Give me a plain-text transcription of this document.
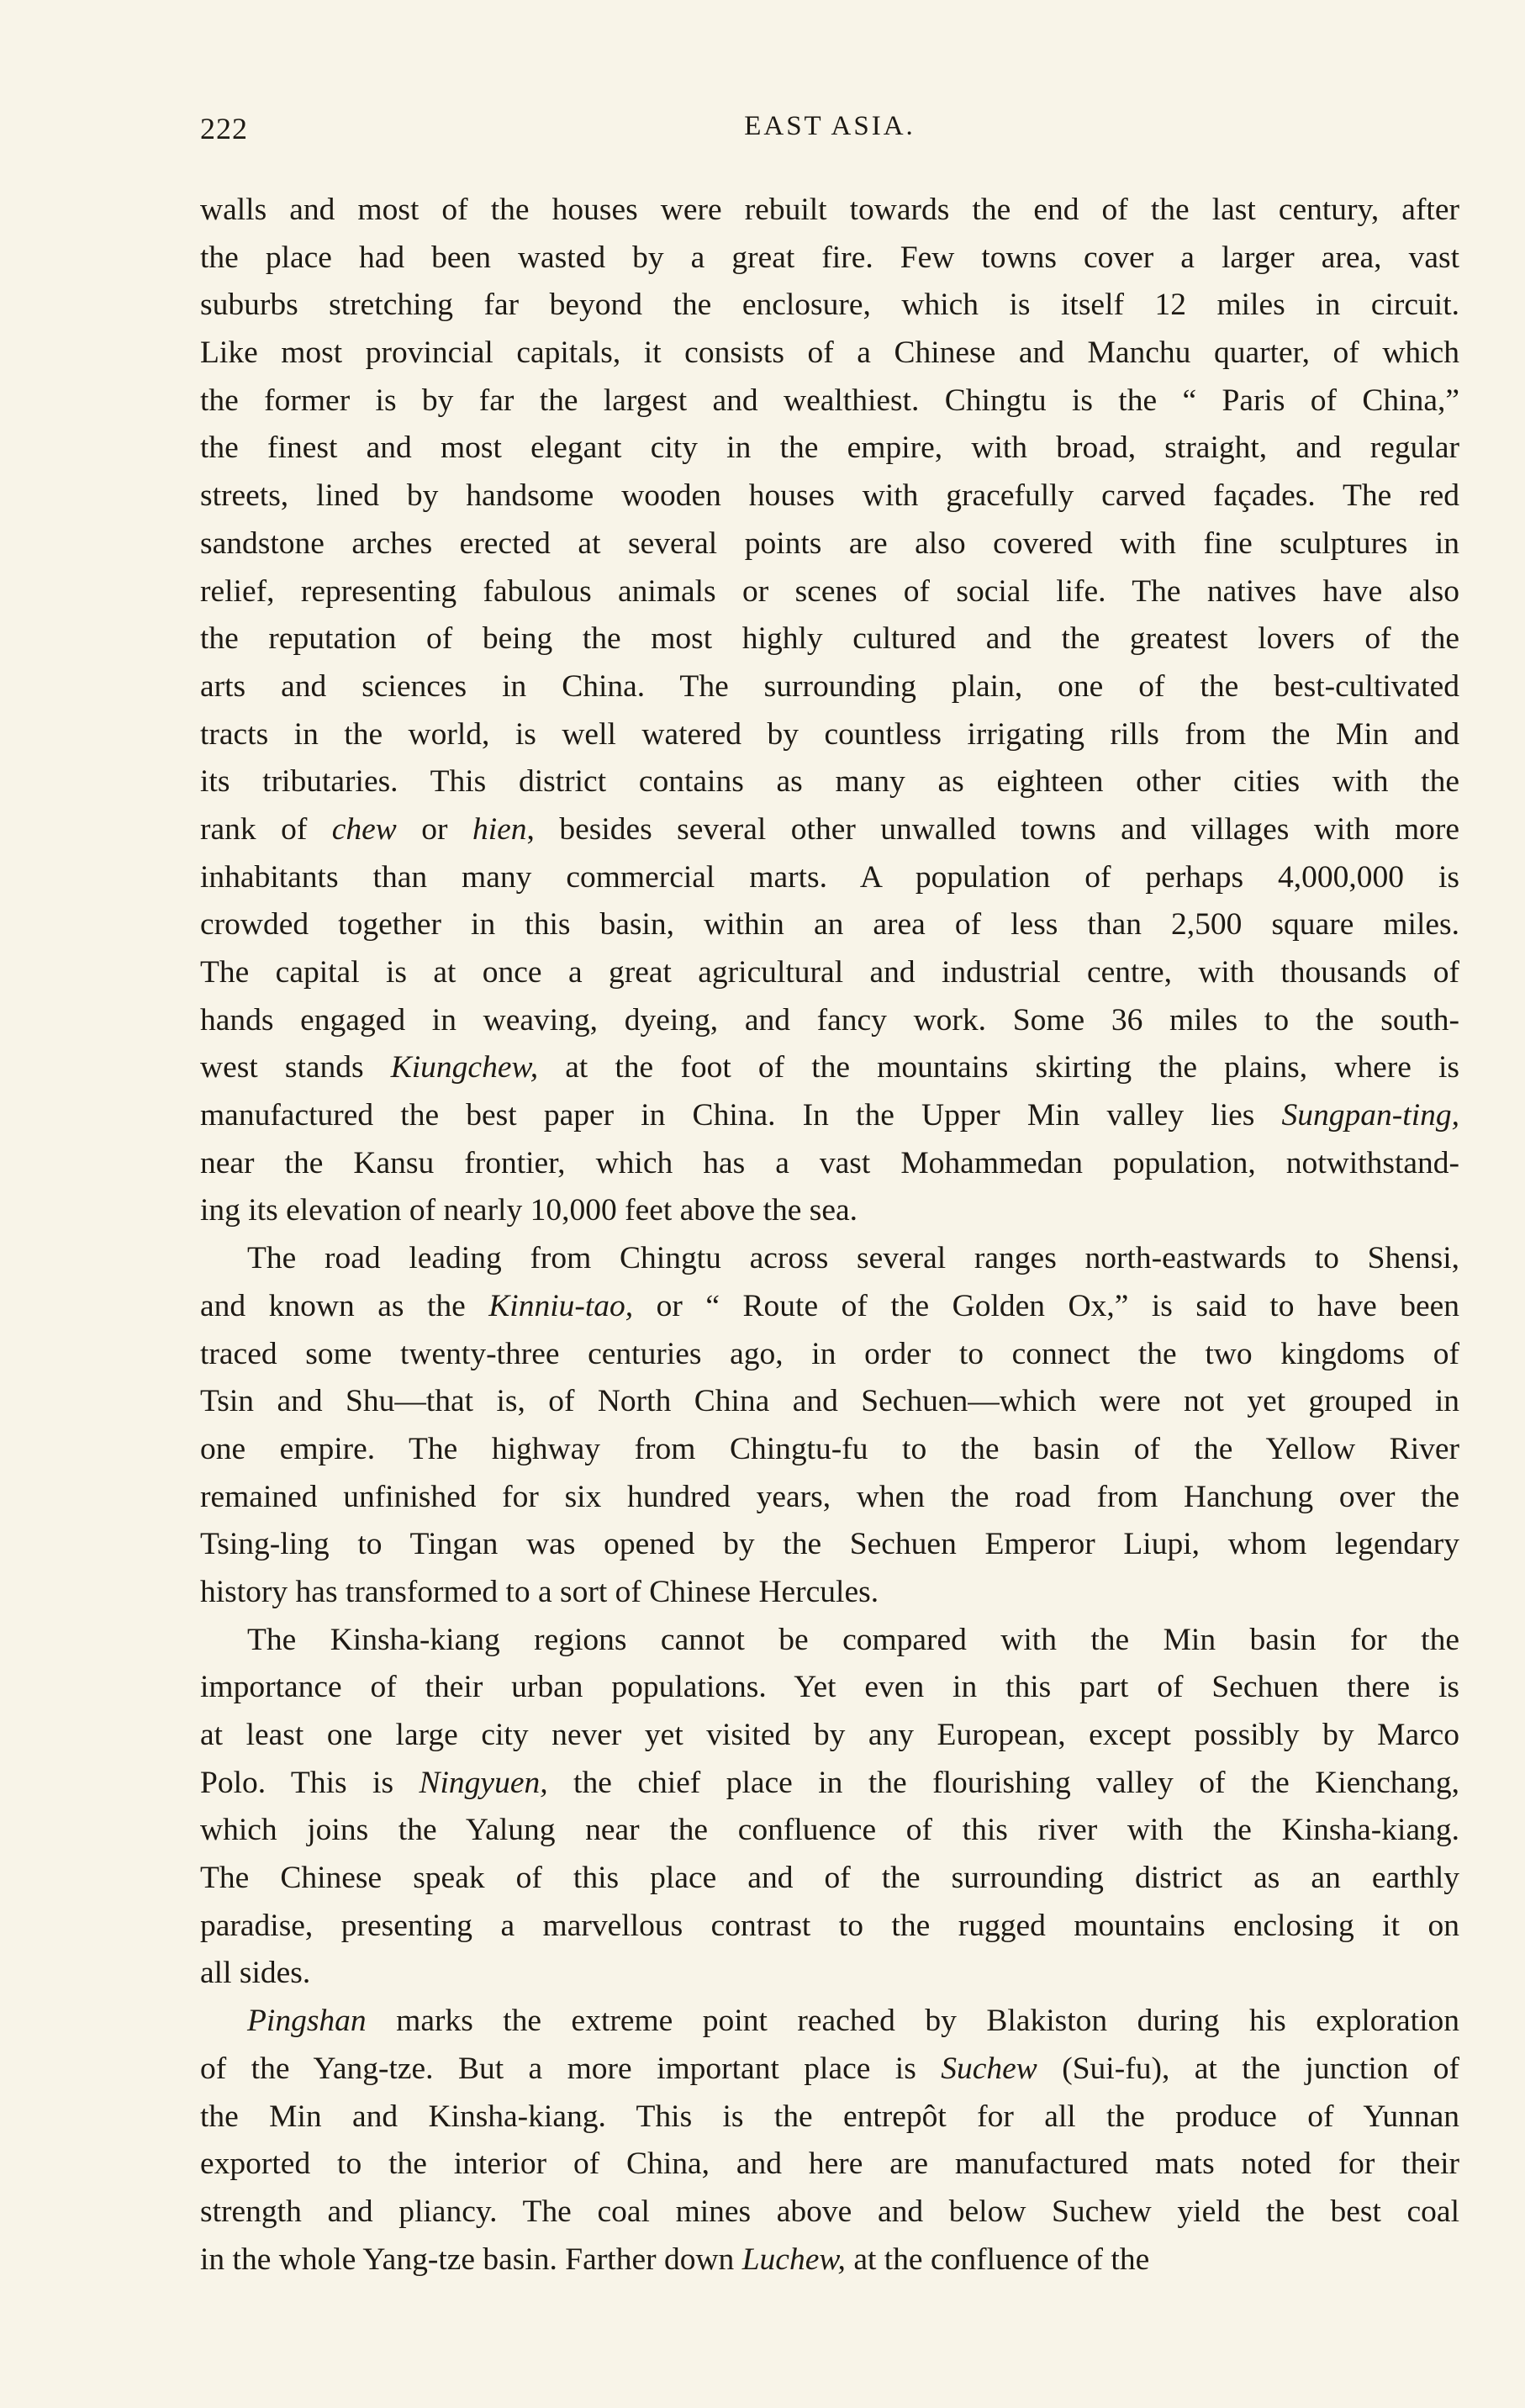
222	EAST ASIA.
walls and most of the houses were rebuilt towards the end of the last century, after
the place had been wasted by a great fire. Few towns cover a larger area, vast
suburbs stretching far beyond the enclosure, which is itself 12 miles in circuit.
Like most provincial capitals, it consists of a Chinese and Manchu quarter, of which
the former is by far the largest and wealthiest. Chingtu is the “ Paris of China,”
the finest and most elegant city in the empire, with broad, straight, and regular
streets, lined by handsome wooden houses with gracefully carved façades. The red
sandstone arches erected at several points are also covered with fine sculptures in
relief, representing fabulous animals or scenes of social life. The natives have also
the reputation of being the most highly cultured and the greatest lovers of the
arts and sciences in China. The surrounding plain, one of the best-cultivated
tracts in the world, is well watered by countless irrigating rills from the Min and
its tributaries. This district contains as many as eighteen other cities with the
rank of chew or hien, besides several other unwalled towns and villages with more
inhabitants than many commercial marts. A population of perhaps 4,000,000 is
crowded together in this basin, within an area of less than 2,500 square miles.
The capital is at once a great agricultural and industrial centre, with thousands of
hands engaged in weaving, dyeing, and fancy work. Some 36 miles to the south-
west stands Kiungchew, at the foot of the mountains skirting the plains, where is
manufactured the best paper in China. In the Upper Min valley lies Sungpan-ting,
near the Kansu frontier, which has a vast Mohammedan population, notwithstand-
ing its elevation of nearly 10,000 feet above the sea.
The road leading from Chingtu across several ranges north-eastwards to Shensi,
and known as the Kinniu-tao, or “ Route of the Golden Ox,” is said to have been
traced some twenty-three centuries ago, in order to connect the two kingdoms of
Tsin and Shu—that is, of North China and Sechuen—which were not yet grouped in
one empire. The highway from Chingtu-fu to the basin of the Yellow River
remained unfinished for six hundred years, when the road from Hanchung over the
Tsing-ling to Tingan was opened by the Sechuen Emperor Liupi, whom legendary
history has transformed to a sort of Chinese Hercules.
The Kinsha-kiang regions cannot be compared with the Min basin for the
importance of their urban populations. Yet even in this part of Sechuen there is
at least one large city never yet visited by any European, except possibly by Marco
Polo. This is Ningyuen, the chief place in the flourishing valley of the Kienchang,
which joins the Yalung near the confluence of this river with the Kinsha-kiang.
The Chinese speak of this place and of the surrounding district as an earthly
paradise, presenting a marvellous contrast to the rugged mountains enclosing it on
all sides.
Pingshan marks the extreme point reached by Blakiston during his exploration
of the Yang-tze. But a more important place is Suchew (Sui-fu), at the junction of
the Min and Kinsha-kiang. This is the entrepôt for all the produce of Yunnan
exported to the interior of China, and here are manufactured mats noted for their
strength and pliancy. The coal mines above and below Suchew yield the best coal
in the whole Yang-tze basin. Farther down Luchew, at the confluence of the
